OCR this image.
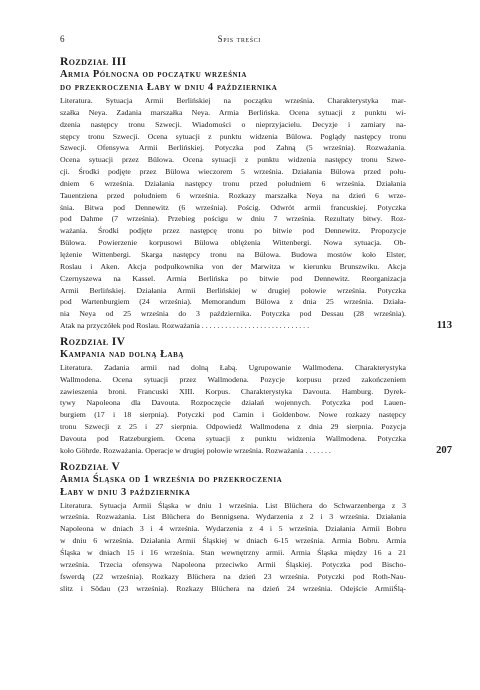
6	Spis treści
Rozdział III
Armia Północna od początku września
do przekroczenia Łaby w dniu 4 października
Literatura. Sytuacja Armii Berlińskiej na początku września. Charakterystyka mar-
szałka Neya. Zadania marszałka Neya. Armia Berlińska. Ocena sytuacji z punktu wi-
dzenia następcy tronu Szwecji. Wiadomości o nieprzyjacielu. Decyzje i zamiary na-
stępcy tronu Szwecji. Ocena sytuacji z punktu widzenia Bülowa. Poglądy następcy tronu
Szwecji. Ofensywa Armii Berlińskiej. Potyczka pod Zahną (5 września). Rozważania.
Ocena sytuacji przez Bülowa. Ocena sytuacji z punktu widzenia następcy tronu Szwe-
cji. Środki podjęte przez Bülowa wieczorem 5 września. Działania Bülowa przed połu-
dniem 6 września. Działania następcy tronu przed południem 6 września. Działania
Tauentziena przed południem 6 września. Rozkazy marszałka Neya na dzień 6 wrze-
śnia. Bitwa pod Dennewitz (6 września). Pościg. Odwrót armii francuskiej. Potyczka
pod Dahme (7 września). Przebieg pościgu w dniu 7 września. Rezultaty bitwy. Roz-
ważania. Środki podjęte przez następcę tronu po bitwie pod Dennewitz. Propozycje
Bülowa. Powierzenie korpusowi Bülowa oblężenia Wittenbergi. Nowa sytuacja. Ob-
lężenie Wittenbergi. Skarga następcy tronu na Bülowa. Budowa mostów koło Elster,
Roslau i Aken. Akcja podpułkownika von der Marwitza w kierunku Brunszwiku. Akcja
Czernyszewa na Kassel. Armia Berlińska po bitwie pod Dennewitz. Reorganizacja
Armii Berlińskiej. Działania Armii Berlińskiej w drugiej połowie września. Potyczka
pod Wartenburgiem (24 września). Memorandum Bülowa z dnia 25 września. Działa-
nia Neya od 25 września do 3 października. Potyczka pod Dessau (28 września).
Atak na przyczółek pod Roslau. Rozważania . . . . . . . . . . . . . . . . . . . . . . . . . . . .	113
Rozdział IV
Kampania nad dolną Łabą
Literatura. Zadania armii nad dolną Łabą. Ugrupowanie Wallmodena. Charakterystyka
Wallmodena. Ocena sytuacji przez Wallmodena. Pozycje korpusu przed zakończeniem
zawieszenia broni. Francuski XIII. Korpus. Charakterystyka Davouta. Hamburg. Dyrek-
tywy Napoleona dla Davouta. Rozpoczęcie działań wojennych. Potyczka pod Lauen-
burgiem (17 i 18 sierpnia). Potyczki pod Camin i Goldenbow. Nowe rozkazy następcy
tronu Szwecji z 25 i 27 sierpnia. Odpowiedź Wallmodena z dnia 29 sierpnia. Pozycja
Davouta pod Ratzeburgiem. Ocena sytuacji z punktu widzenia Wallmodena. Potyczka
koło Göhrde. Rozważania. Operacje w drugiej połowie września. Rozważania . . . . . . .	207
Rozdział V
Armia Śląska od 1 września do przekroczenia
Łaby w dniu 3 października
Literatura. Sytuacja Armii Śląska w dniu 1 września. List Blüchera do Schwarzenberga z 3
września. Rozważania. List Blüchera do Bennigsena. Wydarzenia z 2 i 3 września. Działania
Napoleona w dniach 3 i 4 września. Wydarzenia z 4 i 5 września. Działania Armii Bobru
w dniu 6 września. Działania Armii Śląskiej w dniach 6-15 września. Armia Bobru. Armia
Śląska w dniach 15 i 16 września. Stan wewnętrzny armii. Armia Śląska między 16 a 21
września. Trzecia ofensywa Napoleona przeciwko Armii Śląskiej. Potyczka pod Bischo-
fswerdą (22 września). Rozkazy Blüchera na dzień 23 września. Potyczki pod Roth-Nau-
slitz i Södau (23 września). Rozkazy Blüchera na dzień 24 września. Odejście ArmiiŚlą-
